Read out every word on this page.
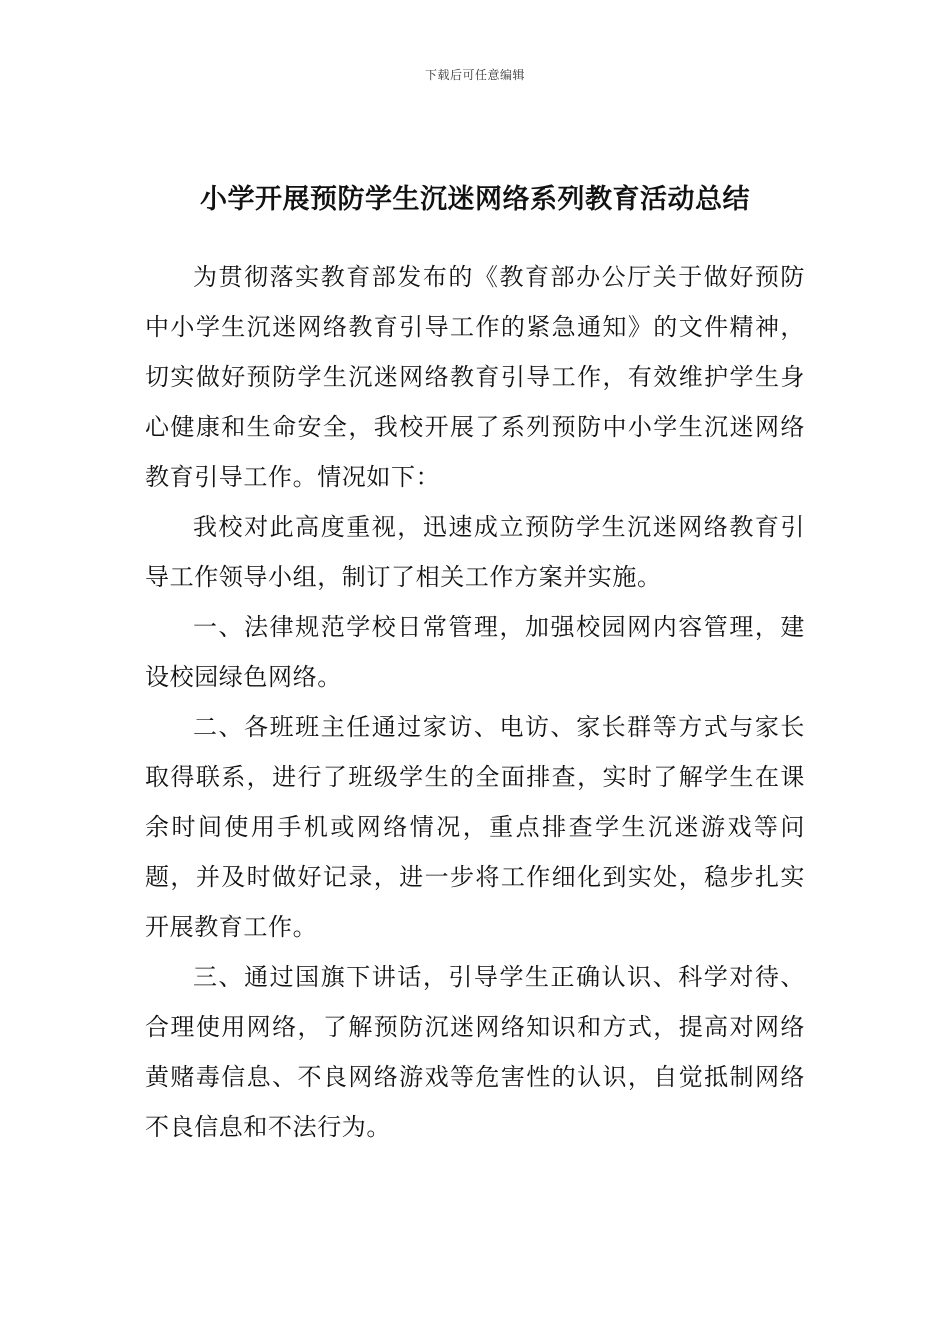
下载后可任意编辑
小学开展预防学生沉迷网络系列教育活动总结

为贯彻落实教育部发布的《教育部办公厅关于做好预防中小学生沉迷网络教育引导工作的紧急通知》的文件精神，切实做好预防学生沉迷网络教育引导工作，有效维护学生身心健康和生命安全，我校开展了系列预防中小学生沉迷网络教育引导工作。情况如下：

我校对此高度重视，迅速成立预防学生沉迷网络教育引导工作领导小组，制订了相关工作方案并实施。

一、法律规范学校日常管理，加强校园网内容管理，建设校园绿色网络。

二、各班班主任通过家访、电访、家长群等方式与家长取得联系，进行了班级学生的全面排查，实时了解学生在课余时间使用手机或网络情况，重点排查学生沉迷游戏等问题，并及时做好记录，进一步将工作细化到实处，稳步扎实开展教育工作。

三、通过国旗下讲话，引导学生正确认识、科学对待、合理使用网络，了解预防沉迷网络知识和方式，提高对网络黄赌毒信息、不良网络游戏等危害性的认识，自觉抵制网络不良信息和不法行为。
